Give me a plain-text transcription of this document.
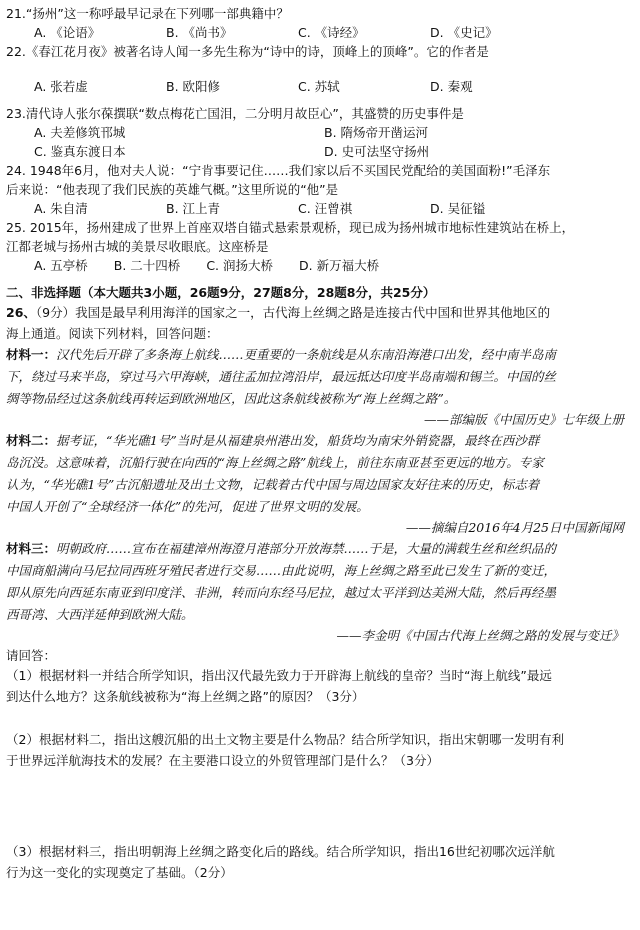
21.“扬州”这一称呼最早记录在下列哪一部典籍中？
A. 《论语》	B. 《尚书》	C. 《诗经》	D. 《史记》
22.《春江花月夜》被著名诗人闻一多先生称为“诗中的诗，顶峰上的顶峰”。它的作者是
A. 张若虚	B. 欧阳修	C. 苏轼	D. 秦观
23.清代诗人张尔葆撰联“数点梅花亡国泪，二分明月故臣心”，其盛赞的历史事件是
A. 夫差修筑邗城	B. 隋炀帝开凿运河
C. 鉴真东渡日本	D. 史可法坚守扬州
24. 1948年6月，他对夫人说：“宁肯事要记住……我们家以后不买国民党配给的美国面粉!”毛泽东
后来说：“他表现了我们民族的英雄气概。”这里所说的“他”是
A. 朱自清	B. 江上青	C. 汪曾祺	D. 吴征镒
25. 2015年，扬州建成了世界上首座双塔自锚式悬索景观桥，现已成为扬州城市地标性建筑站在桥上，
江都老城与扬州古城的美景尽收眼底。这座桥是
A. 五亭桥 B. 二十四桥 C. 润扬大桥 D. 新万福大桥
二、非选择题（本大题共3小题，26题9分，27题8分，28题8分，共25分）
26、（9分）我国是最早利用海洋的国家之一，古代海上丝绸之路是连接古代中国和世界其他地区的
海上通道。阅读下列材料，回答问题：
材料一：汉代先后开辟了多条海上航线……更重要的一条航线是从东南沿海港口出发，经中南半岛南
下，绕过马来半岛，穿过马六甲海峡，通往孟加拉湾沿岸，最远抵达印度半岛南端和锡兰。中国的丝
绸等物品经过这条航线再转运到欧洲地区，因此这条航线被称为“海上丝绸之路”。
——部编版《中国历史》七年级上册
材料二：据考证，“华光礁1号”当时是从福建泉州港出发，船货均为南宋外销瓷器，最终在西沙群
岛沉没。这意味着，沉船行驶在向西的“海上丝绸之路”航线上，前往东南亚甚至更远的地方。专家
认为，“华光礁1号”古沉船遗址及出土文物，记载着古代中国与周边国家友好往来的历史，标志着
中国人开创了“全球经济一体化”的先河，促进了世界文明的发展。
——摘编自2016年4月25日中国新闻网
材料三：明朝政府……宣布在福建漳州海澄月港部分开放海禁……于是，大量的满载生丝和丝织品的
中国商船满向马尼拉同西班牙殖民者进行交易……由此说明，海上丝绸之路至此已发生了新的变迁，
即从原先向西延东南亚到印度洋、非洲，转而向东经马尼拉，越过太平洋到达美洲大陆，然后再经墨
西哥湾、大西洋延伸到欧洲大陆。
——李金明《中国古代海上丝绸之路的发展与变迁》
请回答：
（1）根据材料一并结合所学知识，指出汉代最先致力于开辟海上航线的皇帝？当时“海上航线”最远
到达什么地方？这条航线被称为“海上丝绸之路”的原因？（3分）
（2）根据材料二，指出这艘沉船的出土文物主要是什么物品？结合所学知识，指出宋朝哪一发明有利
于世界远洋航海技术的发展？在主要港口设立的外贸管理部门是什么？（3分）
（3）根据材料三，指出明朝海上丝绸之路变化后的路线。结合所学知识，指出16世纪初哪次远洋航
行为这一变化的实现奠定了基础。（2分）
